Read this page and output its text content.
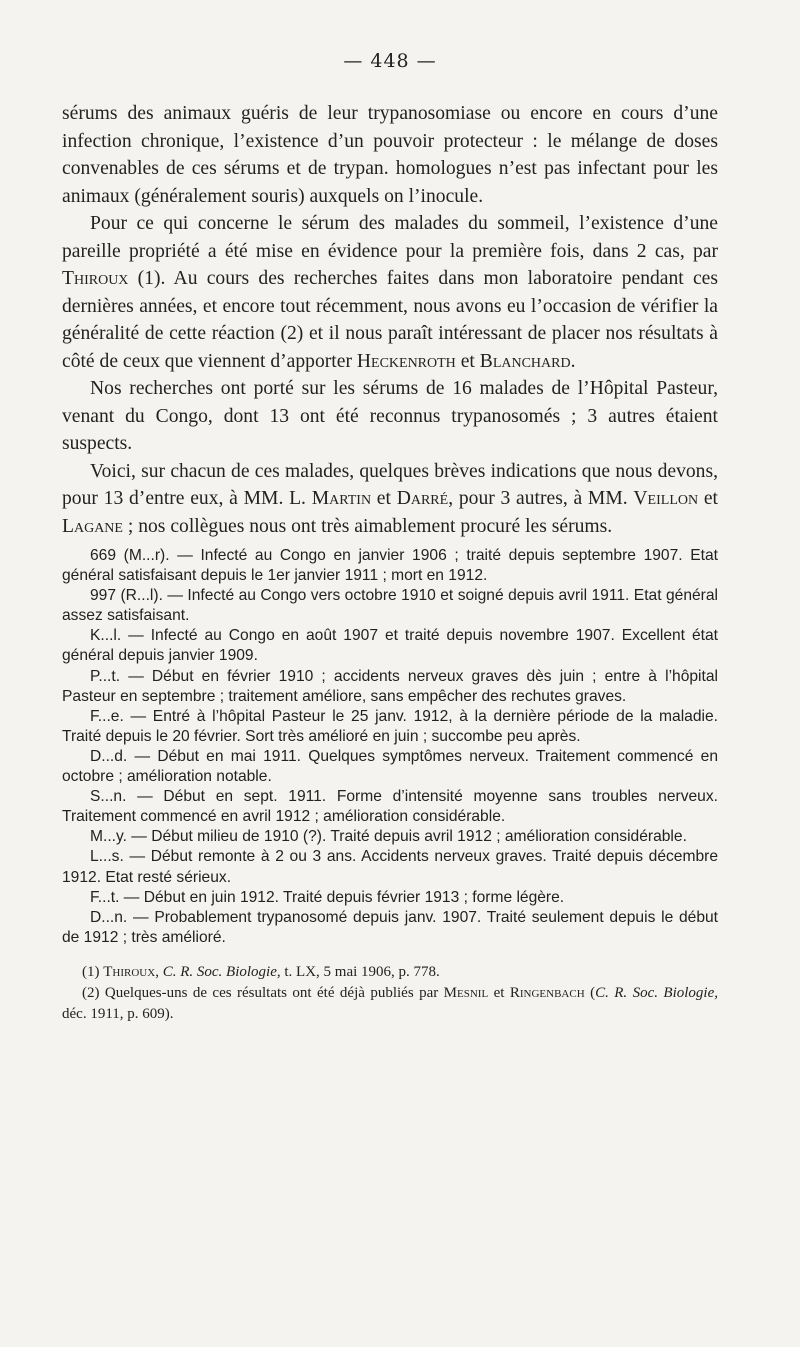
— 448 —

sérums des animaux guéris de leur trypanosomiase ou encore en cours d’une infection chronique, l’existence d’un pouvoir protecteur : le mélange de doses convenables de ces sérums et de trypan. homologues n’est pas infectant pour les animaux (généralement souris) auxquels on l’inocule.

Pour ce qui concerne le sérum des malades du sommeil, l’existence d’une pareille propriété a été mise en évidence pour la première fois, dans 2 cas, par Thiroux (1). Au cours des recherches faites dans mon laboratoire pendant ces dernières années, et encore tout récemment, nous avons eu l’occasion de vérifier la généralité de cette réaction (2) et il nous paraît intéressant de placer nos résultats à côté de ceux que viennent d’apporter Heckenroth et Blanchard.

Nos recherches ont porté sur les sérums de 16 malades de l’Hôpital Pasteur, venant du Congo, dont 13 ont été reconnus trypanosomés ; 3 autres étaient suspects.

Voici, sur chacun de ces malades, quelques brèves indications que nous devons, pour 13 d’entre eux, à MM. L. Martin et Darré, pour 3 autres, à MM. Veillon et Lagane ; nos collègues nous ont très aimablement procuré les sérums.

669 (M...r). — Infecté au Congo en janvier 1906 ; traité depuis septembre 1907. Etat général satisfaisant depuis le 1er janvier 1911 ; mort en 1912.

997 (R...l). — Infecté au Congo vers octobre 1910 et soigné depuis avril 1911. Etat général assez satisfaisant.

K...l. — Infecté au Congo en août 1907 et traité depuis novembre 1907. Excellent état général depuis janvier 1909.

P...t. — Début en février 1910 ; accidents nerveux graves dès juin ; entre à l’hôpital Pasteur en septembre ; traitement améliore, sans empêcher des rechutes graves.

F...e. — Entré à l’hôpital Pasteur le 25 janv. 1912, à la dernière période de la maladie. Traité depuis le 20 février. Sort très amélioré en juin ; succombe peu après.

D...d. — Début en mai 1911. Quelques symptômes nerveux. Traitement commencé en octobre ; amélioration notable.

S...n. — Début en sept. 1911. Forme d’intensité moyenne sans troubles nerveux. Traitement commencé en avril 1912 ; amélioration considérable.

M...y. — Début milieu de 1910 (?). Traité depuis avril 1912 ; amélioration considérable.

L...s. — Début remonte à 2 ou 3 ans. Accidents nerveux graves. Traité depuis décembre 1912. Etat resté sérieux.

F...t. — Début en juin 1912. Traité depuis février 1913 ; forme légère.

D...n. — Probablement trypanosomé depuis janv. 1907. Traité seulement depuis le début de 1912 ; très amélioré.

(1) Thiroux, C. R. Soc. Biologie, t. LX, 5 mai 1906, p. 778.

(2) Quelques-uns de ces résultats ont été déjà publiés par Mesnil et Ringenbach (C. R. Soc. Biologie, déc. 1911, p. 609).
